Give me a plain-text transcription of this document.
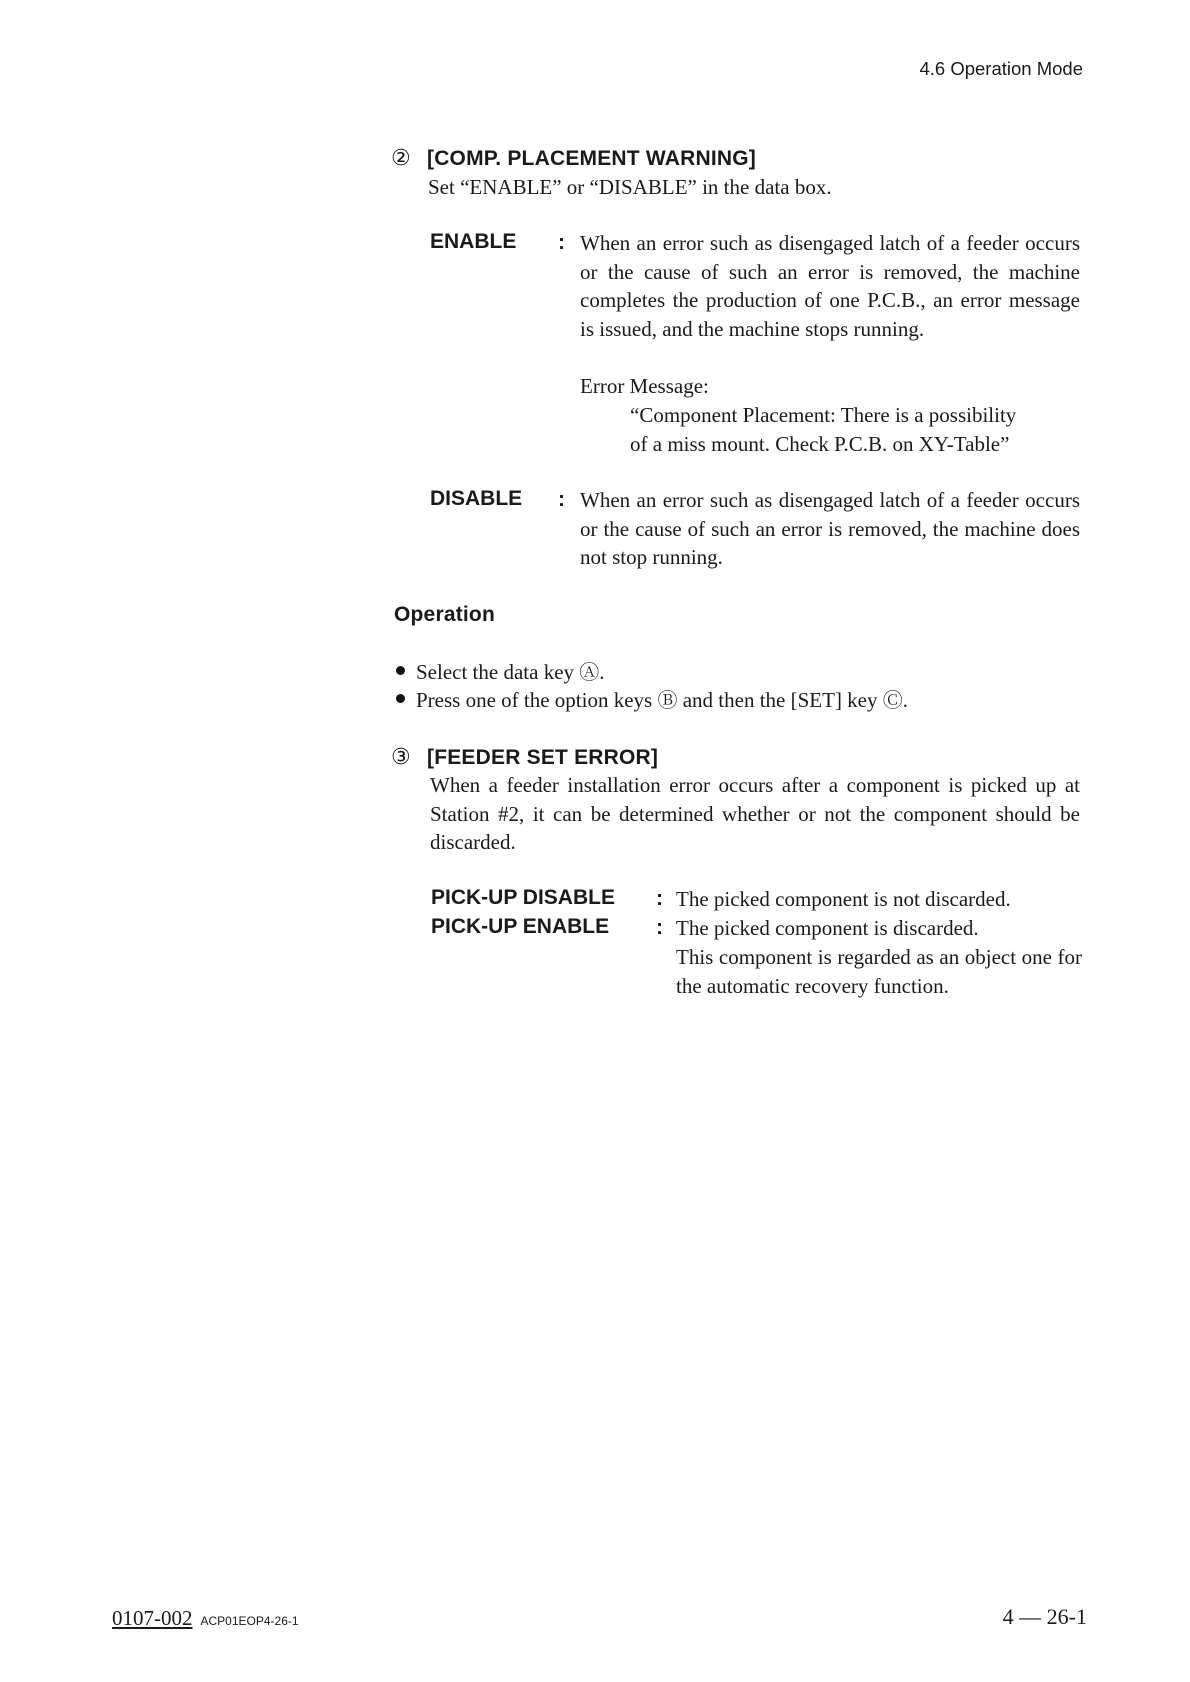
4.6 Operation Mode
② [COMP. PLACEMENT WARNING]
Set “ENABLE” or “DISABLE” in the data box.
ENABLE : When an error such as disengaged latch of a feeder occurs or the cause of such an error is removed, the machine completes the production of one P.C.B., an error message is issued, and the machine stops running.

Error Message:
“Component Placement: There is a possibility
of a miss mount. Check P.C.B. on XY-Table”
DISABLE : When an error such as disengaged latch of a feeder occurs or the cause of such an error is removed, the machine does not stop running.

Operation
Select the data key Ⓐ.
Press one of the option keys Ⓑ and then the [SET] key Ⓒ.
③ [FEEDER SET ERROR]

When a feeder installation error occurs after a component is picked up at Station #2, it can be determined whether or not the component should be discarded.

PICK-UP DISABLE : The picked component is not discarded.
PICK-UP ENABLE : The picked component is discarded.

This component is regarded as an object one for the automatic recovery function.

0107-002 ACP01EOP4-26-1	4 — 26-1
